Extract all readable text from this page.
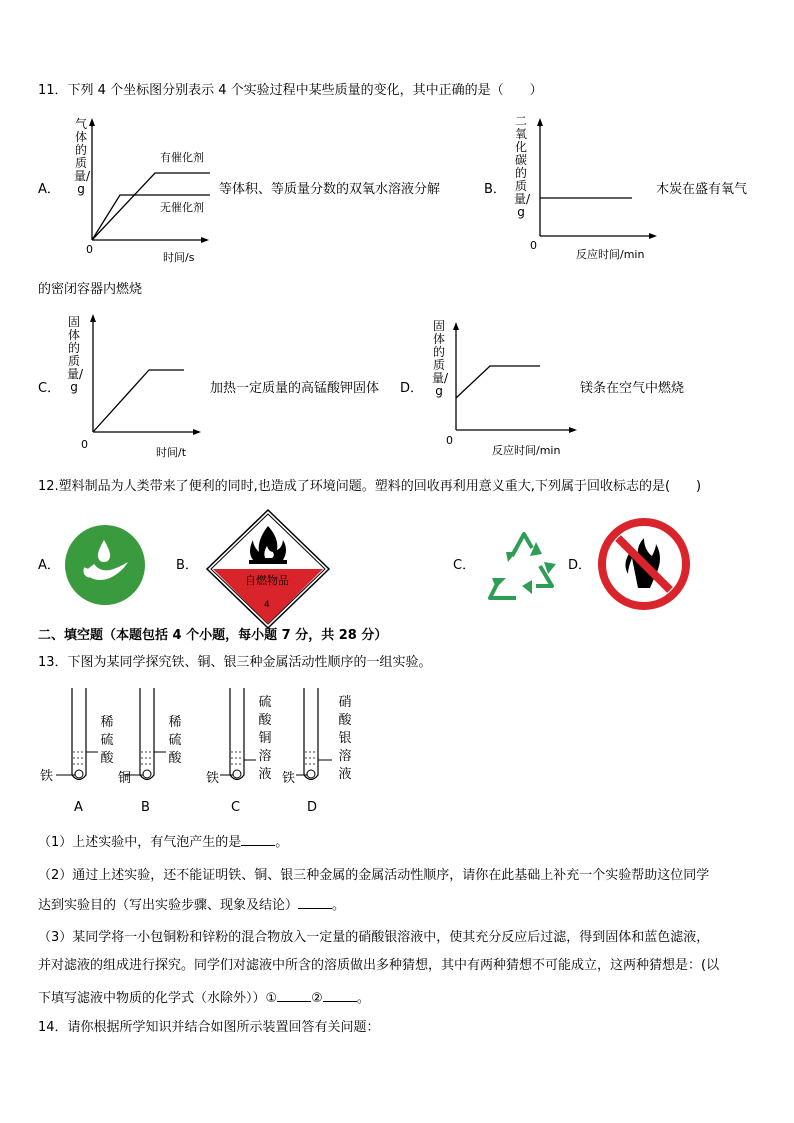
11．下列 4 个坐标图分别表示 4 个实验过程中某些质量的变化，其中正确的是（　　）
A．
气体的质量/g
0
时间/s
有催化剂
无催化剂
等体积、等质量分数的双氧水溶液分解	B．
二氧化碳的质量/g
0
反应时间/min
木炭在盛有氧气
的密闭容器内燃烧
C．
固体的质量/g
0
时间/t
加热一定质量的高锰酸钾固体 D．
固体的质量/g
0
反应时间/min
镁条在空气中燃烧
12.塑料制品为人类带来了便利的同时,也造成了环境问题。塑料的回收再利用意义重大,下列属于回收标志的是(　　)
A．	B．
自燃物品
4
C．	D．
二、填空题（本题包括 4 个小题，每小题 7 分，共 28 分）
13．下图为某同学探究铁、铜、银三种金属活动性顺序的一组实验。
铁
稀硫酸
A
铜
稀硫酸
B
铁
硫酸铜溶液
C
铁
硝酸银溶液
D
（1）上述实验中，有气泡产生的是	。
（2）通过上述实验，还不能证明铁、铜、银三种金属的金属活动性顺序，请你在此基础上补充一个实验帮助这位同学
达到实验目的（写出实验步骤、现象及结论）	。
（3）某同学将一小包铜粉和锌粉的混合物放入一定量的硝酸银溶液中，使其充分反应后过滤，得到固体和蓝色滤液，
并对滤液的组成进行探究。同学们对滤液中所含的溶质做出多种猜想，其中有两种猜想不可能成立，这两种猜想是：(以
下填写滤液中物质的化学式（水除外））①	②	。
14．请你根据所学知识并结合如图所示装置回答有关问题：
